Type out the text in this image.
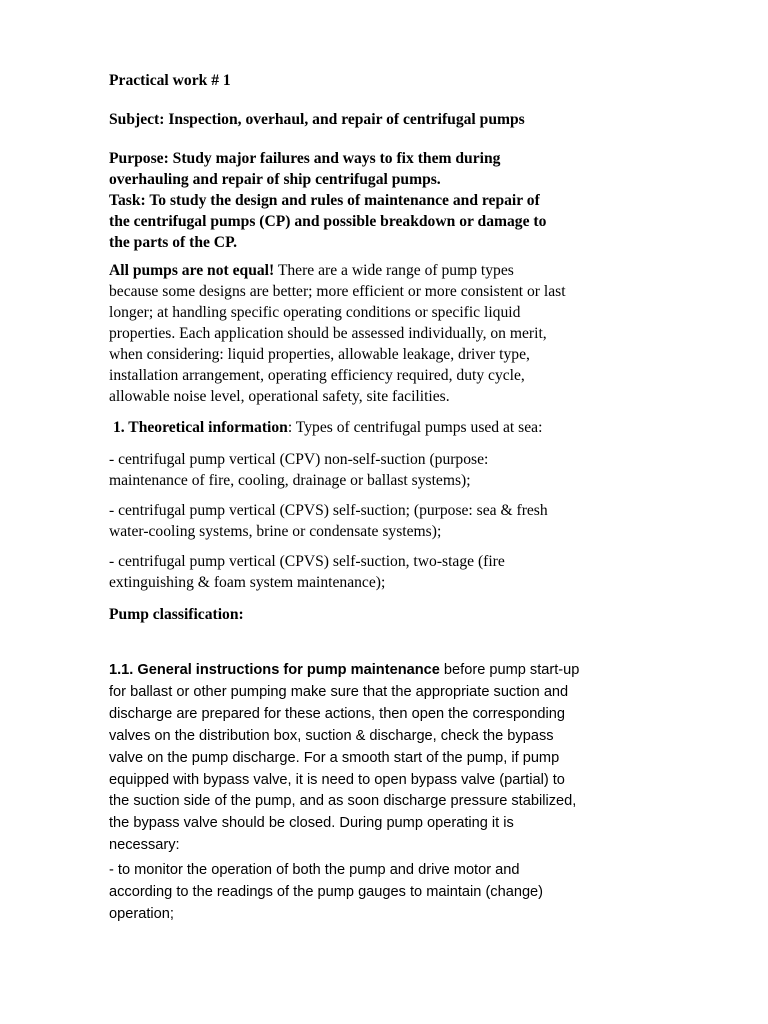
Practical work # 1

Subject: Inspection, overhaul, and repair of centrifugal pumps

Purpose: Study major failures and ways to fix them during
overhauling and repair of ship centrifugal pumps.
Task: To study the design and rules of maintenance and repair of
the centrifugal pumps (CP) and possible breakdown or damage to
the parts of the CP.
All pumps are not equal! There are a wide range of pump types
because some designs are better; more efficient or more consistent or last
longer; at handling specific operating conditions or specific liquid
properties. Each application should be assessed individually, on merit,
when considering: liquid properties, allowable leakage, driver type,
installation arrangement, operating efficiency required, duty cycle,
allowable noise level, operational safety, site facilities.
1. Theoretical information: Types of centrifugal pumps used at sea:
- centrifugal pump vertical (CPV) non-self-suction (purpose:
maintenance of fire, cooling, drainage or ballast systems);
- centrifugal pump vertical (CPVS) self-suction; (purpose: sea & fresh
water-cooling systems, brine or condensate systems);
- centrifugal pump vertical (CPVS) self-suction, two-stage (fire
extinguishing & foam system maintenance);

Pump classification:

1.1. General instructions for pump maintenance before pump start-up
for ballast or other pumping make sure that the appropriate suction and
discharge are prepared for these actions, then open the corresponding
valves on the distribution box, suction & discharge, check the bypass
valve on the pump discharge. For a smooth start of the pump, if pump
equipped with bypass valve, it is need to open bypass valve (partial) to
the suction side of the pump, and as soon discharge pressure stabilized,
the bypass valve should be closed. During pump operating it is
necessary:
- to monitor the operation of both the pump and drive motor and
according to the readings of the pump gauges to maintain (change)
operation;
